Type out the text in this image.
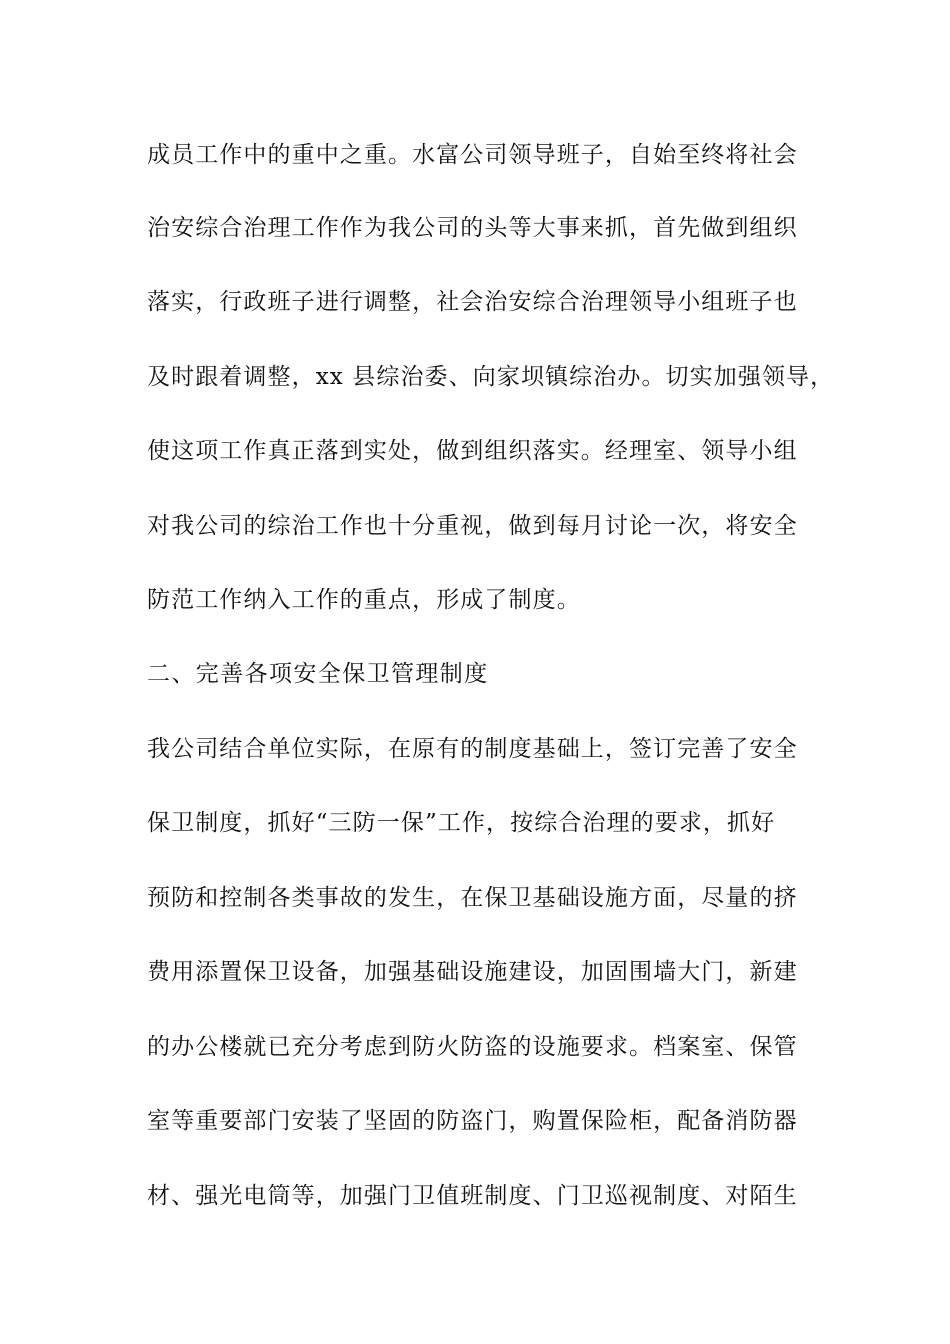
成员工作中的重中之重。水富公司领导班子，自始至终将社会
治安综合治理工作作为我公司的头等大事来抓，首先做到组织
落实，行政班子进行调整，社会治安综合治理领导小组班子也
及时跟着调整，xx 县综治委、向家坝镇综治办。切实加强领导，
使这项工作真正落到实处，做到组织落实。经理室、领导小组
对我公司的综治工作也十分重视，做到每月讨论一次，将安全
防范工作纳入工作的重点，形成了制度。
二、完善各项安全保卫管理制度
我公司结合单位实际，在原有的制度基础上，签订完善了安全
保卫制度，抓好“三防一保”工作，按综合治理的要求，抓好
预防和控制各类事故的发生，在保卫基础设施方面，尽量的挤
费用添置保卫设备，加强基础设施建设，加固围墙大门，新建
的办公楼就已充分考虑到防火防盗的设施要求。档案室、保管
室等重要部门安装了坚固的防盗门，购置保险柜，配备消防器
材、强光电筒等，加强门卫值班制度、门卫巡视制度、对陌生
